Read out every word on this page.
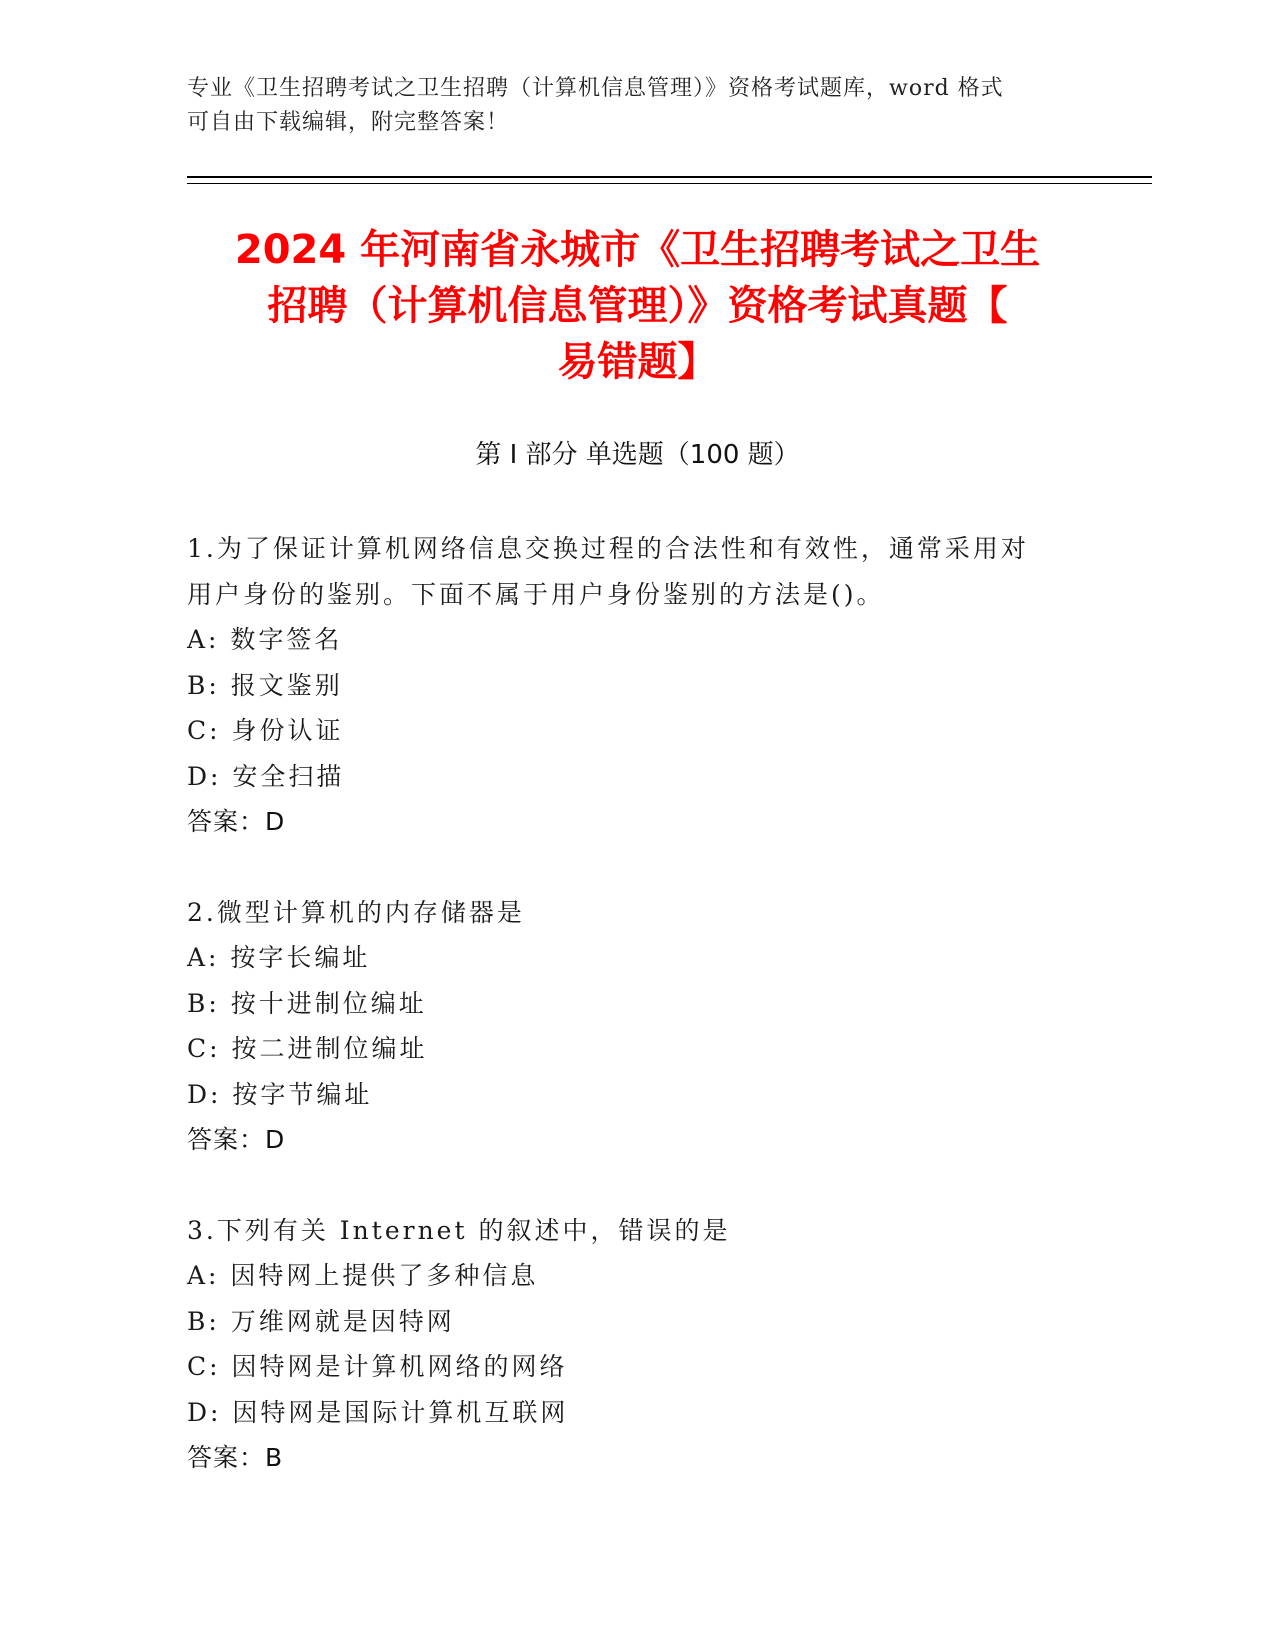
专业《卫生招聘考试之卫生招聘（计算机信息管理）》资格考试题库，word 格式
可自由下载编辑，附完整答案！
2024 年河南省永城市《卫生招聘考试之卫生
招聘（计算机信息管理）》资格考试真题【
易错题】
第 I 部分 单选题（100 题）
1.为了保证计算机网络信息交换过程的合法性和有效性，通常采用对
用户身份的鉴别。下面不属于用户身份鉴别的方法是()。
A: 数字签名
B: 报文鉴别
C: 身份认证
D: 安全扫描
答案：D
2.微型计算机的内存储器是
A: 按字长编址
B: 按十进制位编址
C: 按二进制位编址
D: 按字节编址
答案：D
3.下列有关 Internet 的叙述中，错误的是
A: 因特网上提供了多种信息
B: 万维网就是因特网
C: 因特网是计算机网络的网络
D: 因特网是国际计算机互联网
答案：B
